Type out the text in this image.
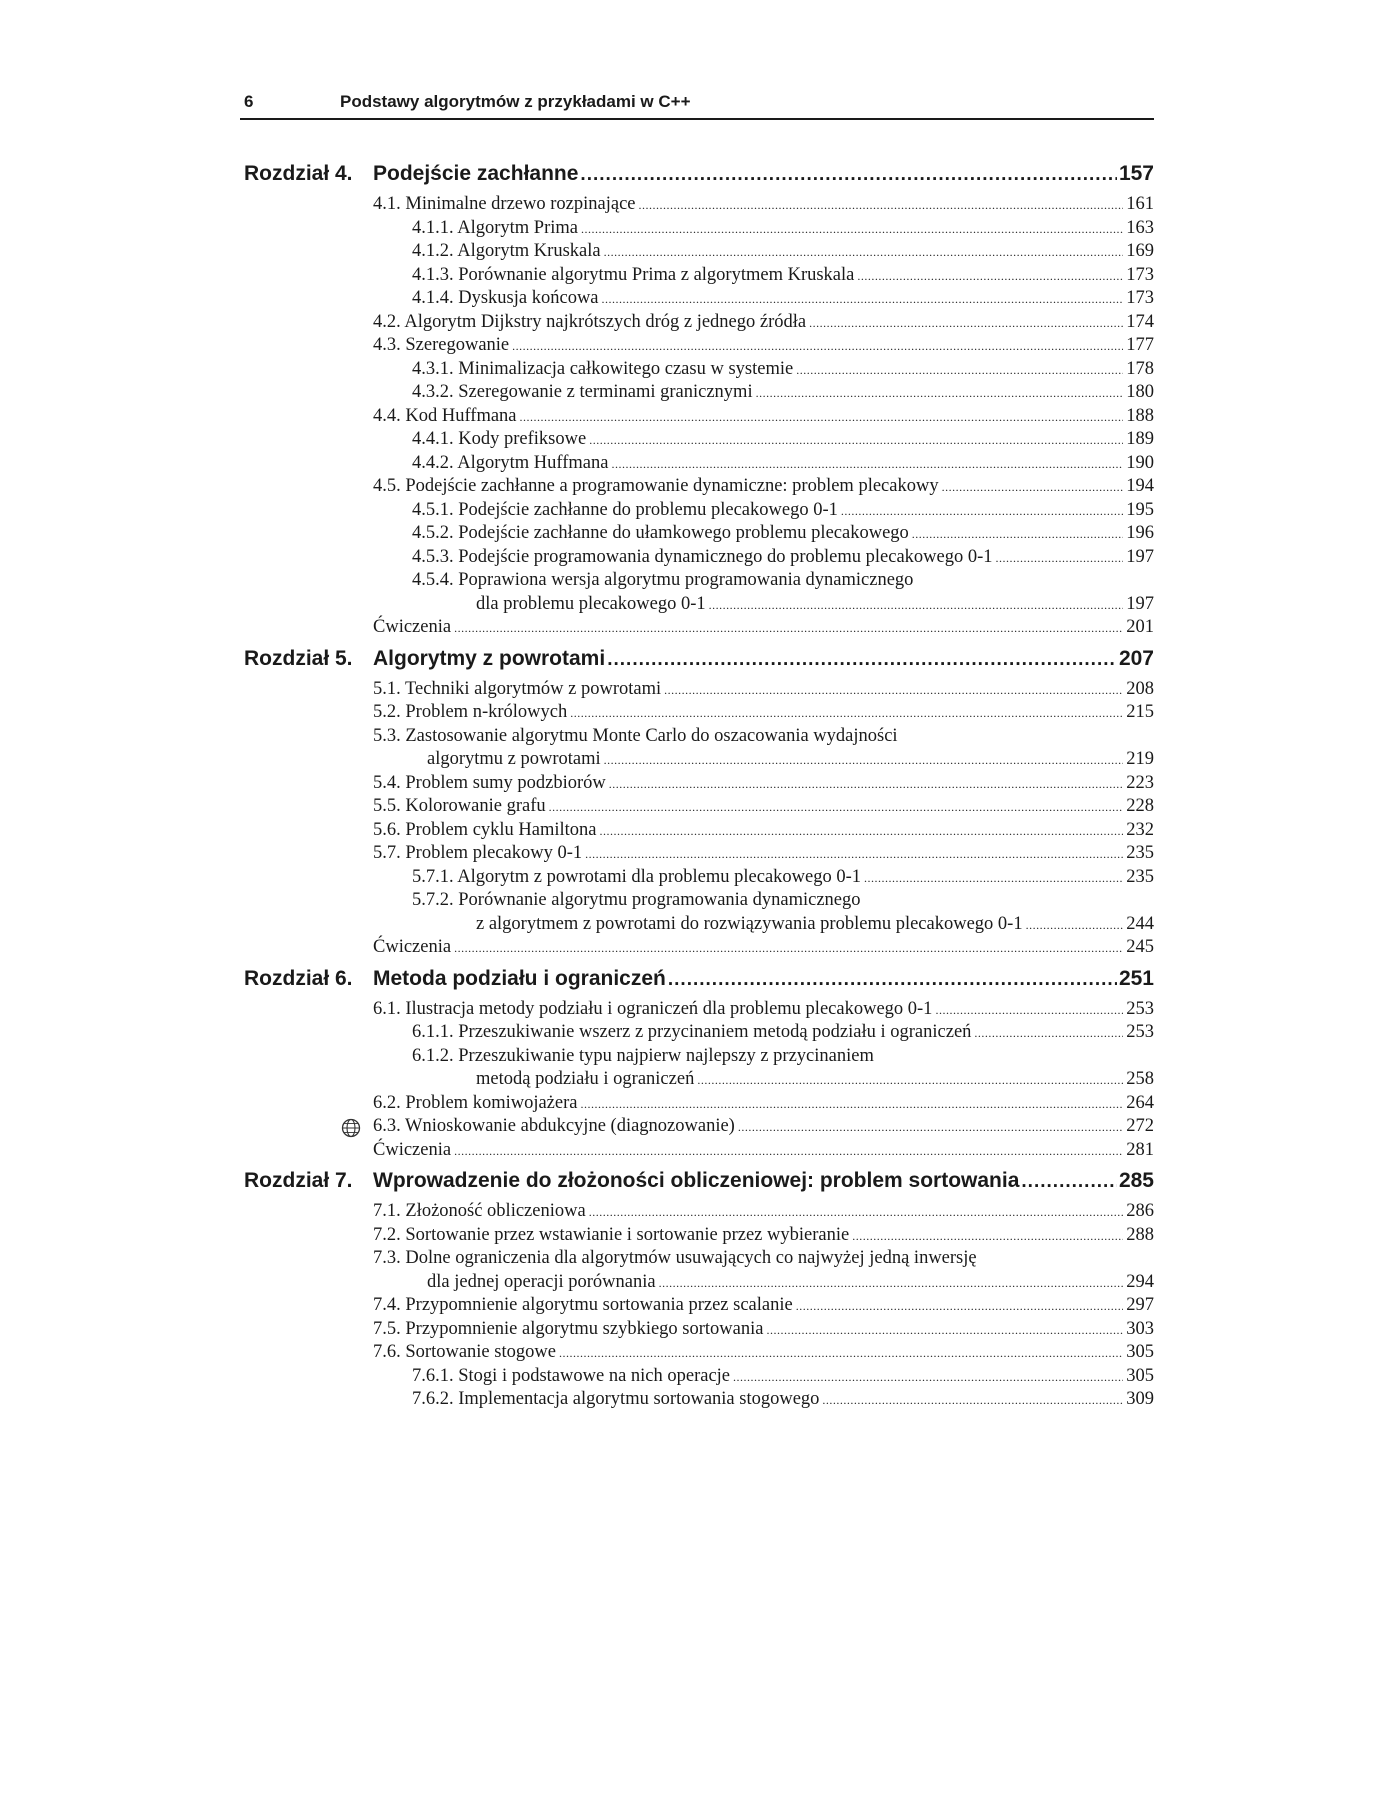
6	Podstawy algorytmów z przykładami w C++
Rozdział 4. Podejście zachłanne .....	157
4.1. Minimalne drzewo rozpinające .....	161
4.1.1. Algorytm Prima .....	163
4.1.2. Algorytm Kruskala .....	169
4.1.3. Porównanie algorytmu Prima z algorytmem Kruskala .....	173
4.1.4. Dyskusja końcowa .....	173
4.2. Algorytm Dijkstry najkrótszych dróg z jednego źródła .....	174
4.3. Szeregowanie .....	177
4.3.1. Minimalizacja całkowitego czasu w systemie .....	178
4.3.2. Szeregowanie z terminami granicznymi .....	180
4.4. Kod Huffmana .....	188
4.4.1. Kody prefiksowe .....	189
4.4.2. Algorytm Huffmana .....	190
4.5. Podejście zachłanne a programowanie dynamiczne: problem plecakowy .....	194
4.5.1. Podejście zachłanne do problemu plecakowego 0-1 .....	195
4.5.2. Podejście zachłanne do ułamkowego problemu plecakowego .....	196
4.5.3. Podejście programowania dynamicznego do problemu plecakowego 0-1 .....	197
4.5.4. Poprawiona wersja algorytmu programowania dynamicznego
dla problemu plecakowego 0-1 .....	197
Ćwiczenia .....	201
Rozdział 5. Algorytmy z powrotami .....	207
5.1. Techniki algorytmów z powrotami .....	208
5.2. Problem n-królowych .....	215
5.3. Zastosowanie algorytmu Monte Carlo do oszacowania wydajności
algorytmu z powrotami .....	219
5.4. Problem sumy podzbiorów .....	223
5.5. Kolorowanie grafu .....	228
5.6. Problem cyklu Hamiltona .....	232
5.7. Problem plecakowy 0-1 .....	235
5.7.1. Algorytm z powrotami dla problemu plecakowego 0-1 .....	235
5.7.2. Porównanie algorytmu programowania dynamicznego
z algorytmem z powrotami do rozwiązywania problemu plecakowego 0-1 .....	244
Ćwiczenia .....	245
Rozdział 6. Metoda podziału i ograniczeń .....	251
6.1. Ilustracja metody podziału i ograniczeń dla problemu plecakowego 0-1 .....	253
6.1.1. Przeszukiwanie wszerz z przycinaniem metodą podziału i ograniczeń .....	253
6.1.2. Przeszukiwanie typu najpierw najlepszy z przycinaniem
metodą podziału i ograniczeń .....	258
6.2. Problem komiwojażera .....	264
6.3. Wnioskowanie abdukcyjne (diagnozowanie) .....	272
Ćwiczenia .....	281
Rozdział 7. Wprowadzenie do złożoności obliczeniowej: problem sortowania .....	285
7.1. Złożoność obliczeniowa .....	286
7.2. Sortowanie przez wstawianie i sortowanie przez wybieranie .....	288
7.3. Dolne ograniczenia dla algorytmów usuwających co najwyżej jedną inwersję
dla jednej operacji porównania .....	294
7.4. Przypomnienie algorytmu sortowania przez scalanie .....	297
7.5. Przypomnienie algorytmu szybkiego sortowania .....	303
7.6. Sortowanie stogowe .....	305
7.6.1. Stogi i podstawowe na nich operacje .....	305
7.6.2. Implementacja algorytmu sortowania stogowego .....	309
